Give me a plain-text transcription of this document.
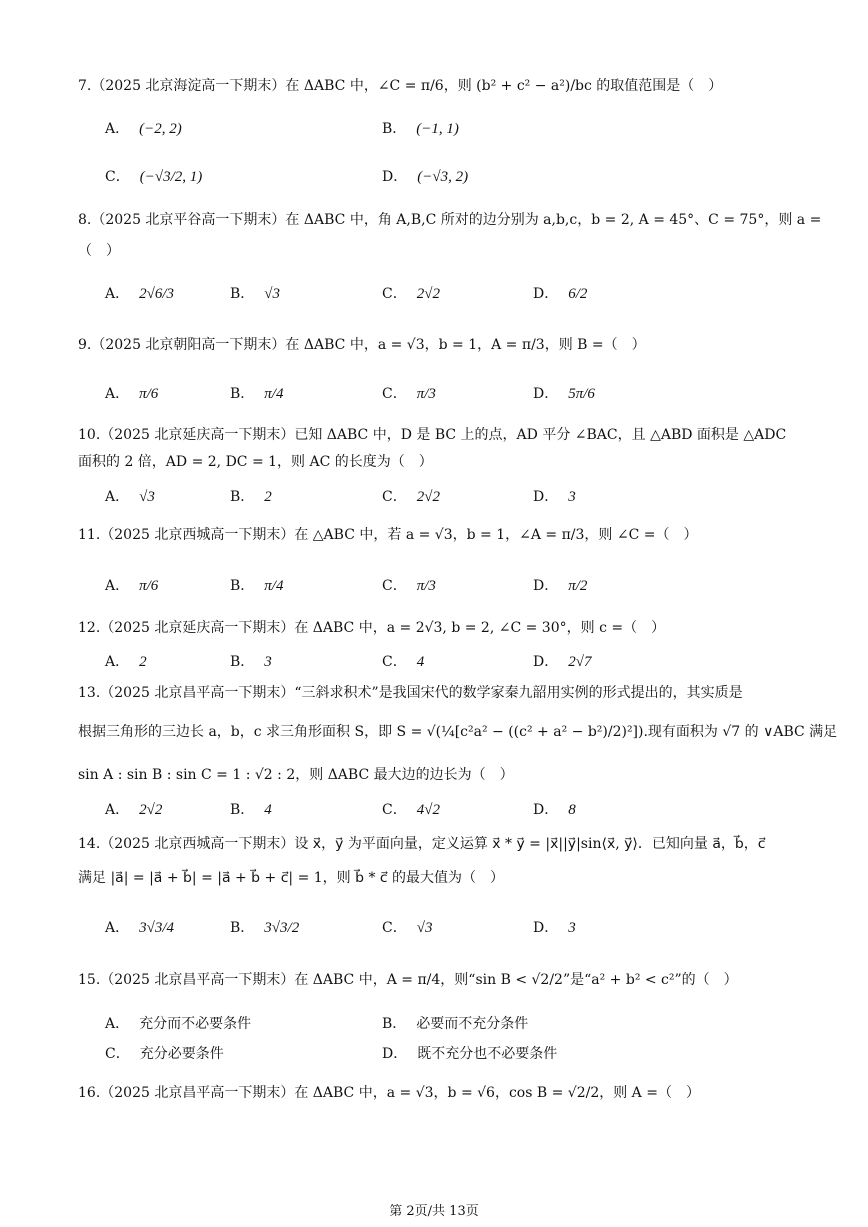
7.（2025 北京海淀高一下期末）在 ΔABC 中，∠C = π/6，则 (b² + c² − a²)/bc 的取值范围是（　）
A． (−2, 2)	B． (−1, 1)
C． (−√3/2, 1)	D． (−√3, 2)
8.（2025 北京平谷高一下期末）在 ΔABC 中，角 A,B,C 所对的边分别为 a,b,c，b = 2, A = 45°、C = 75°，则 a =
（　）
A． 2√6/3	B． √3	C． 2√2	D． 6/2
9.（2025 北京朝阳高一下期末）在 ΔABC 中，a = √3，b = 1，A = π/3，则 B =（　）
A． π/6	B． π/4	C． π/3	D． 5π/6
10.（2025 北京延庆高一下期末）已知 ΔABC 中，D 是 BC 上的点，AD 平分 ∠BAC，且 △ABD 面积是 △ADC
面积的 2 倍，AD = 2, DC = 1，则 AC 的长度为（　）
A． √3	B． 2	C． 2√2	D． 3
11.（2025 北京西城高一下期末）在 △ABC 中，若 a = √3，b = 1，∠A = π/3，则 ∠C =（　）
A． π/6	B． π/4	C． π/3	D． π/2
12.（2025 北京延庆高一下期末）在 ΔABC 中，a = 2√3, b = 2, ∠C = 30°，则 c =（　）
A． 2	B． 3	C． 4	D． 2√7
13.（2025 北京昌平高一下期末）“三斜求积术”是我国宋代的数学家秦九韶用实例的形式提出的，其实质是
根据三角形的三边长 a，b，c 求三角形面积 S，即 S = √(¼[c²a² − ((c² + a² − b²)/2)²]).现有面积为 √7 的 ∨ABC 满足
sin A : sin B : sin C = 1 : √2 : 2，则 ΔABC 最大边的边长为（　）
A． 2√2	B． 4	C． 4√2	D． 8
14.（2025 北京西城高一下期末）设 x⃗，y⃗ 为平面向量，定义运算 x⃗ * y⃗ = |x⃗||y⃗|sin⟨x⃗, y⃗⟩．已知向量 a⃗，b⃗，c⃗
满足 |a⃗| = |a⃗ + b⃗| = |a⃗ + b⃗ + c⃗| = 1，则 b⃗ * c⃗ 的最大值为（　）
A． 3√3/4	B． 3√3/2	C． √3	D． 3
15.（2025 北京昌平高一下期末）在 ΔABC 中，A = π/4，则“sin B < √2/2”是“a² + b² < c²”的（　）
A． 充分而不必要条件	B． 必要而不充分条件
C． 充分必要条件	D． 既不充分也不必要条件
16.（2025 北京昌平高一下期末）在 ΔABC 中，a = √3，b = √6，cos B = √2/2，则 A =（　）
第 2页/共 13页
